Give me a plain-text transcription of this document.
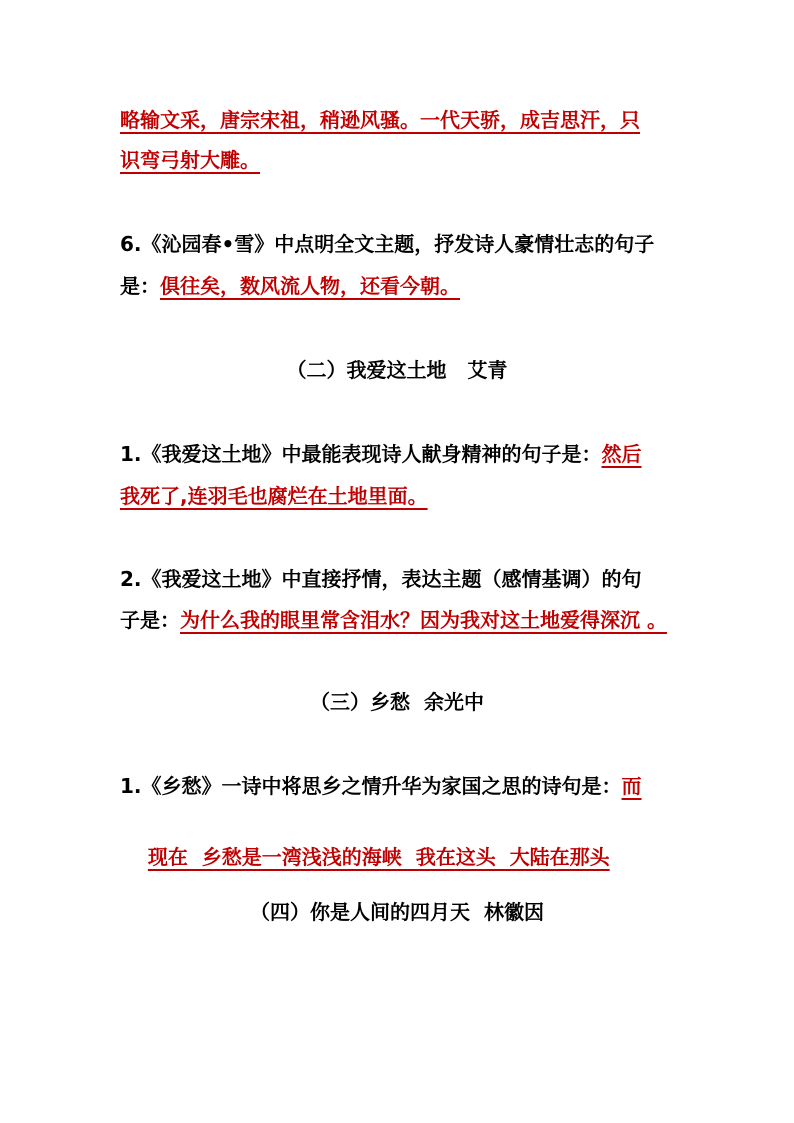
略输文采，唐宗宋祖，稍逊风骚。一代天骄，成吉思汗，只
识弯弓射大雕。
6.《沁园春•雪》中点明全文主题，抒发诗人豪情壮志的句子
是：俱往矣，数风流人物，还看今朝。
（二）我爱这土地   艾青
1.《我爱这土地》中最能表现诗人献身精神的句子是：然后
我死了,连羽毛也腐烂在土地里面。
2.《我爱这土地》中直接抒情，表达主题（感情基调）的句
子是：为什么我的眼里常含泪水？因为我对这土地爱得深沉 。
（三）乡愁  余光中
1.《乡愁》一诗中将思乡之情升华为家国之思的诗句是：而

现在  乡愁是一湾浅浅的海峡  我在这头  大陆在那头

（四）你是人间的四月天  林徽因
